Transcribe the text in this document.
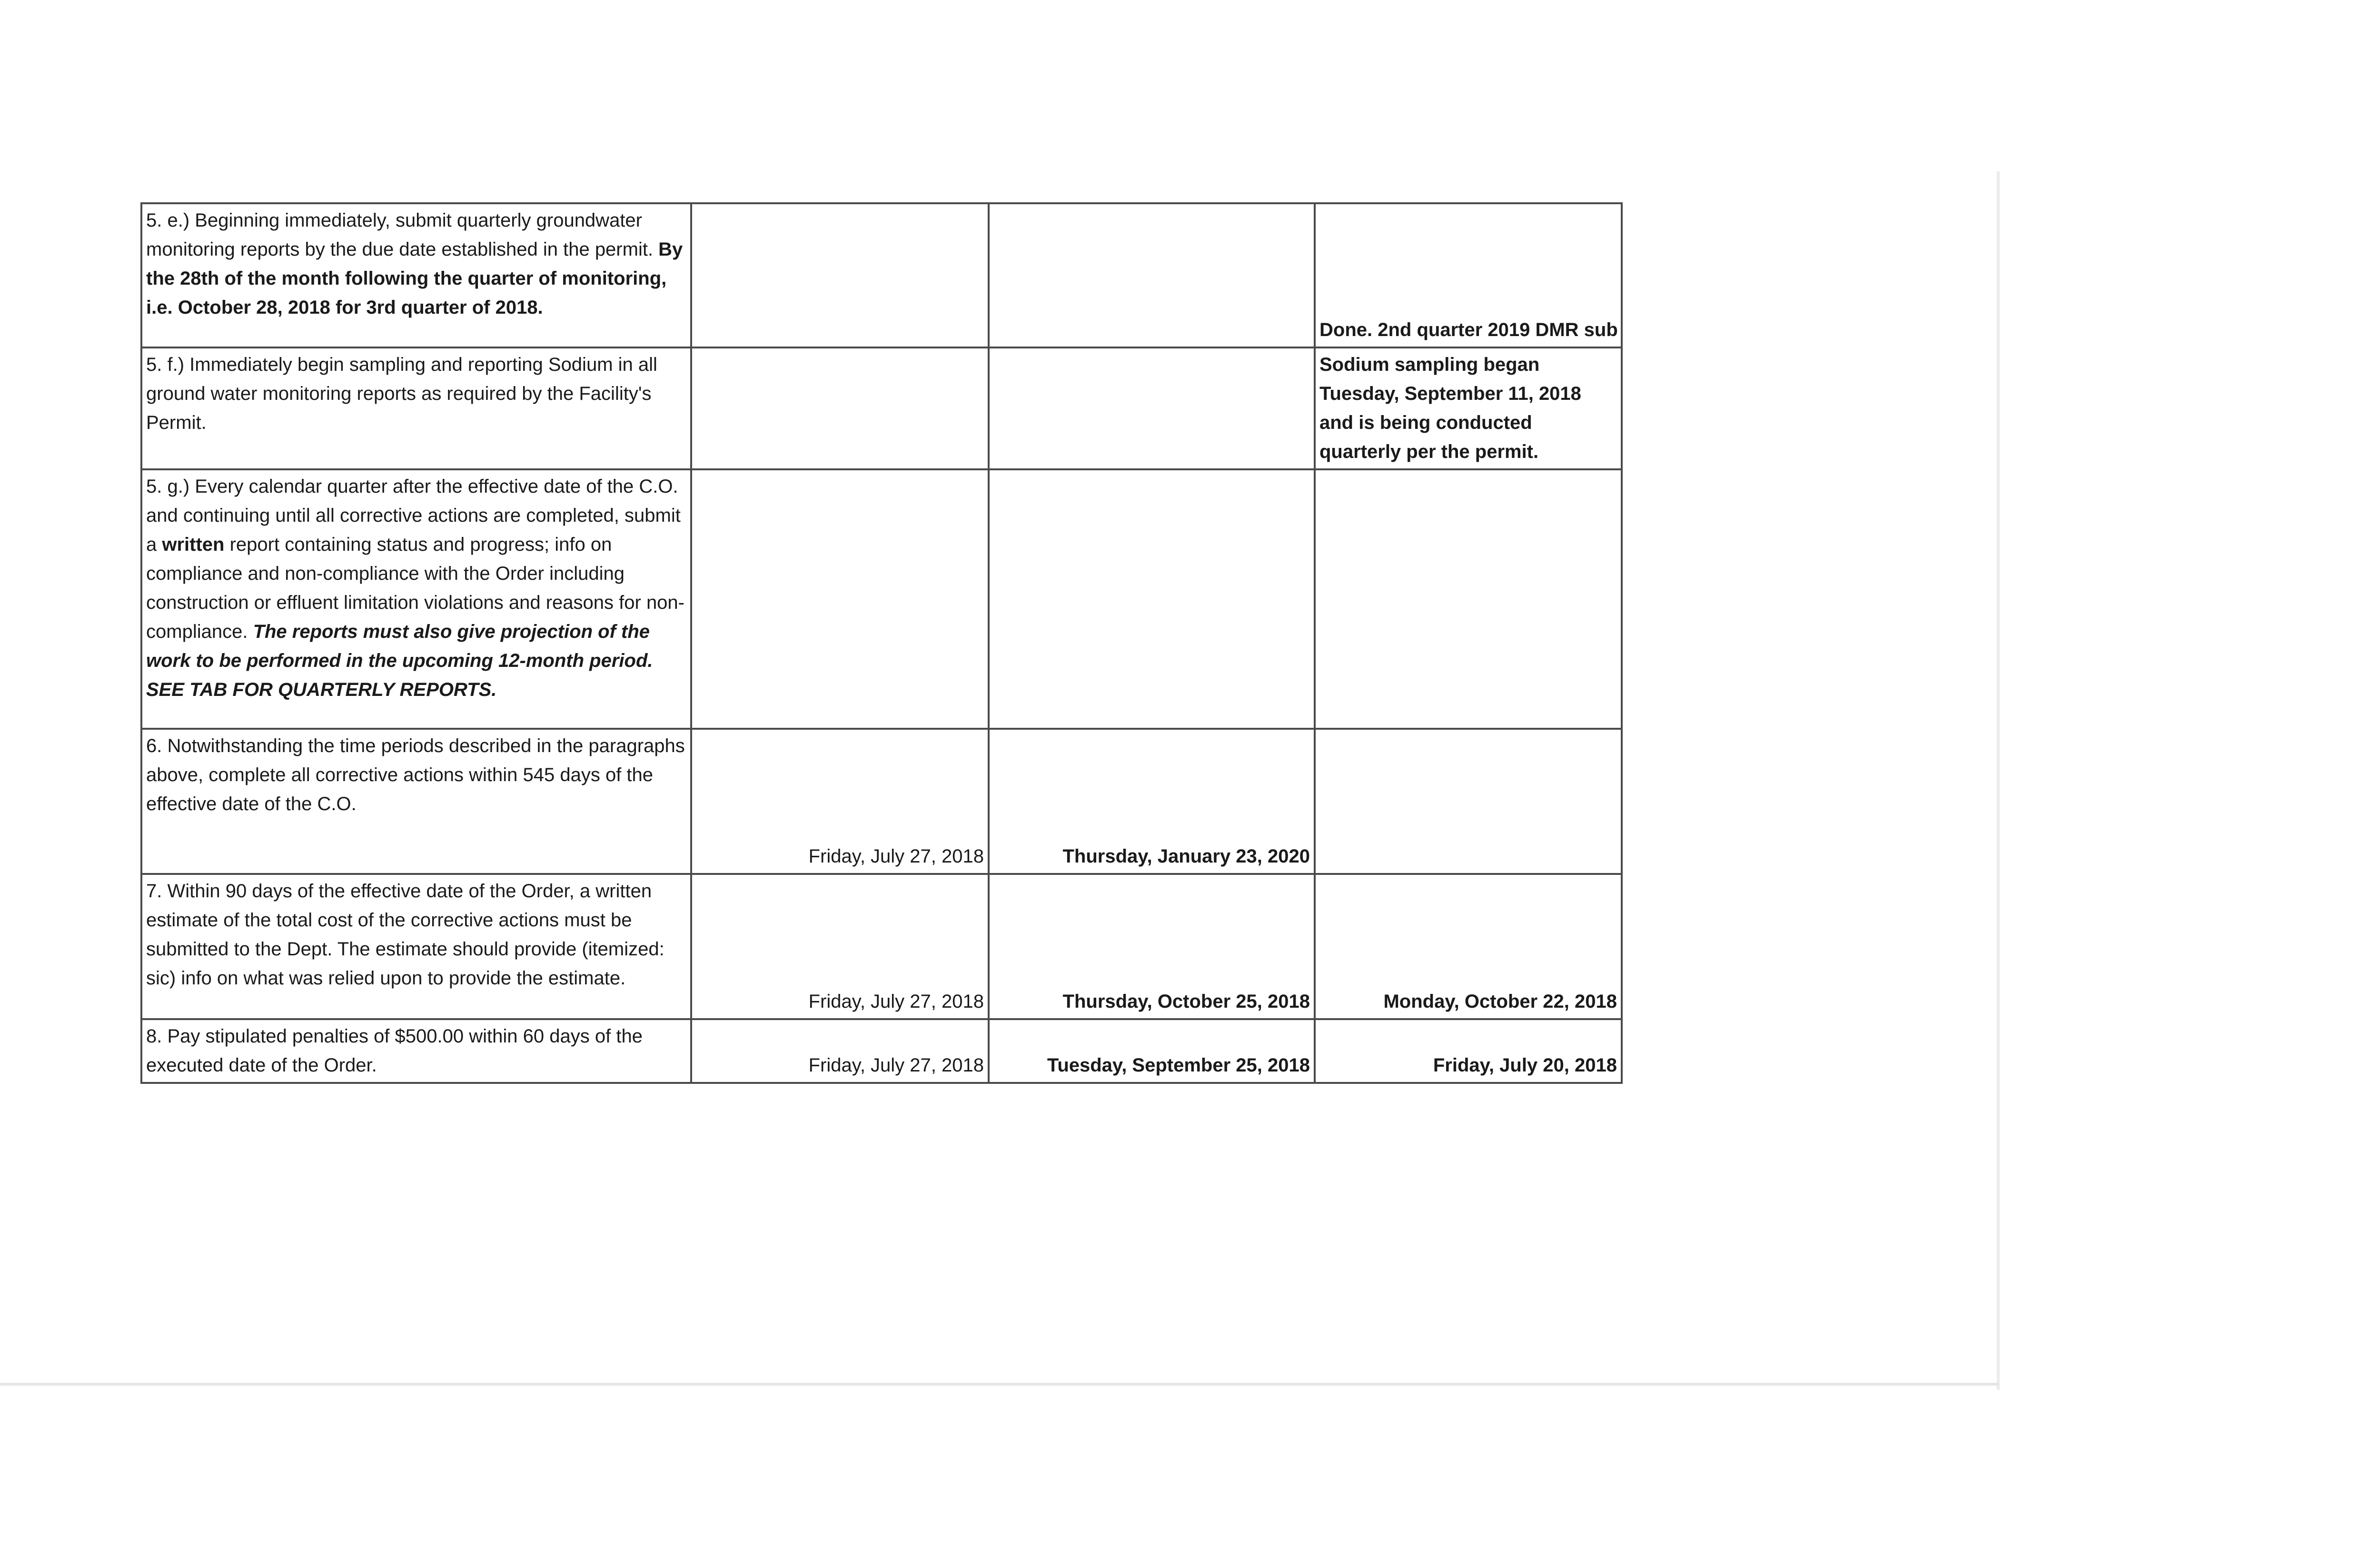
5. e.) Beginning immediately, submit quarterly groundwater monitoring reports by the due date established in the permit. By the 28th of the month following the quarter of monitoring, i.e. October 28, 2018 for 3rd quarter of 2018.			Done. 2nd quarter 2019 DMR sub
5. f.) Immediately begin sampling and reporting Sodium in all ground water monitoring reports as required by the Facility's Permit.			Sodium sampling began Tuesday, September 11, 2018 and is being conducted quarterly per the permit.
5. g.) Every calendar quarter after the effective date of the C.O. and continuing until all corrective actions are completed, submit a written report containing status and progress; info on compliance and non-compliance with the Order including construction or effluent limitation violations and reasons for non-compliance. The reports must also give projection of the work to be performed in the upcoming 12-month period. SEE TAB FOR QUARTERLY REPORTS.			
6. Notwithstanding the time periods described in the paragraphs above, complete all corrective actions within 545 days of the effective date of the C.O.	Friday, July 27, 2018	Thursday, January 23, 2020	
7. Within 90 days of the effective date of the Order, a written estimate of the total cost of the corrective actions must be submitted to the Dept. The estimate should provide (itemized: sic) info on what was relied upon to provide the estimate.	Friday, July 27, 2018	Thursday, October 25, 2018	Monday, October 22, 2018
8. Pay stipulated penalties of $500.00 within 60 days of the executed date of the Order.	Friday, July 27, 2018	Tuesday, September 25, 2018	Friday, July 20, 2018
